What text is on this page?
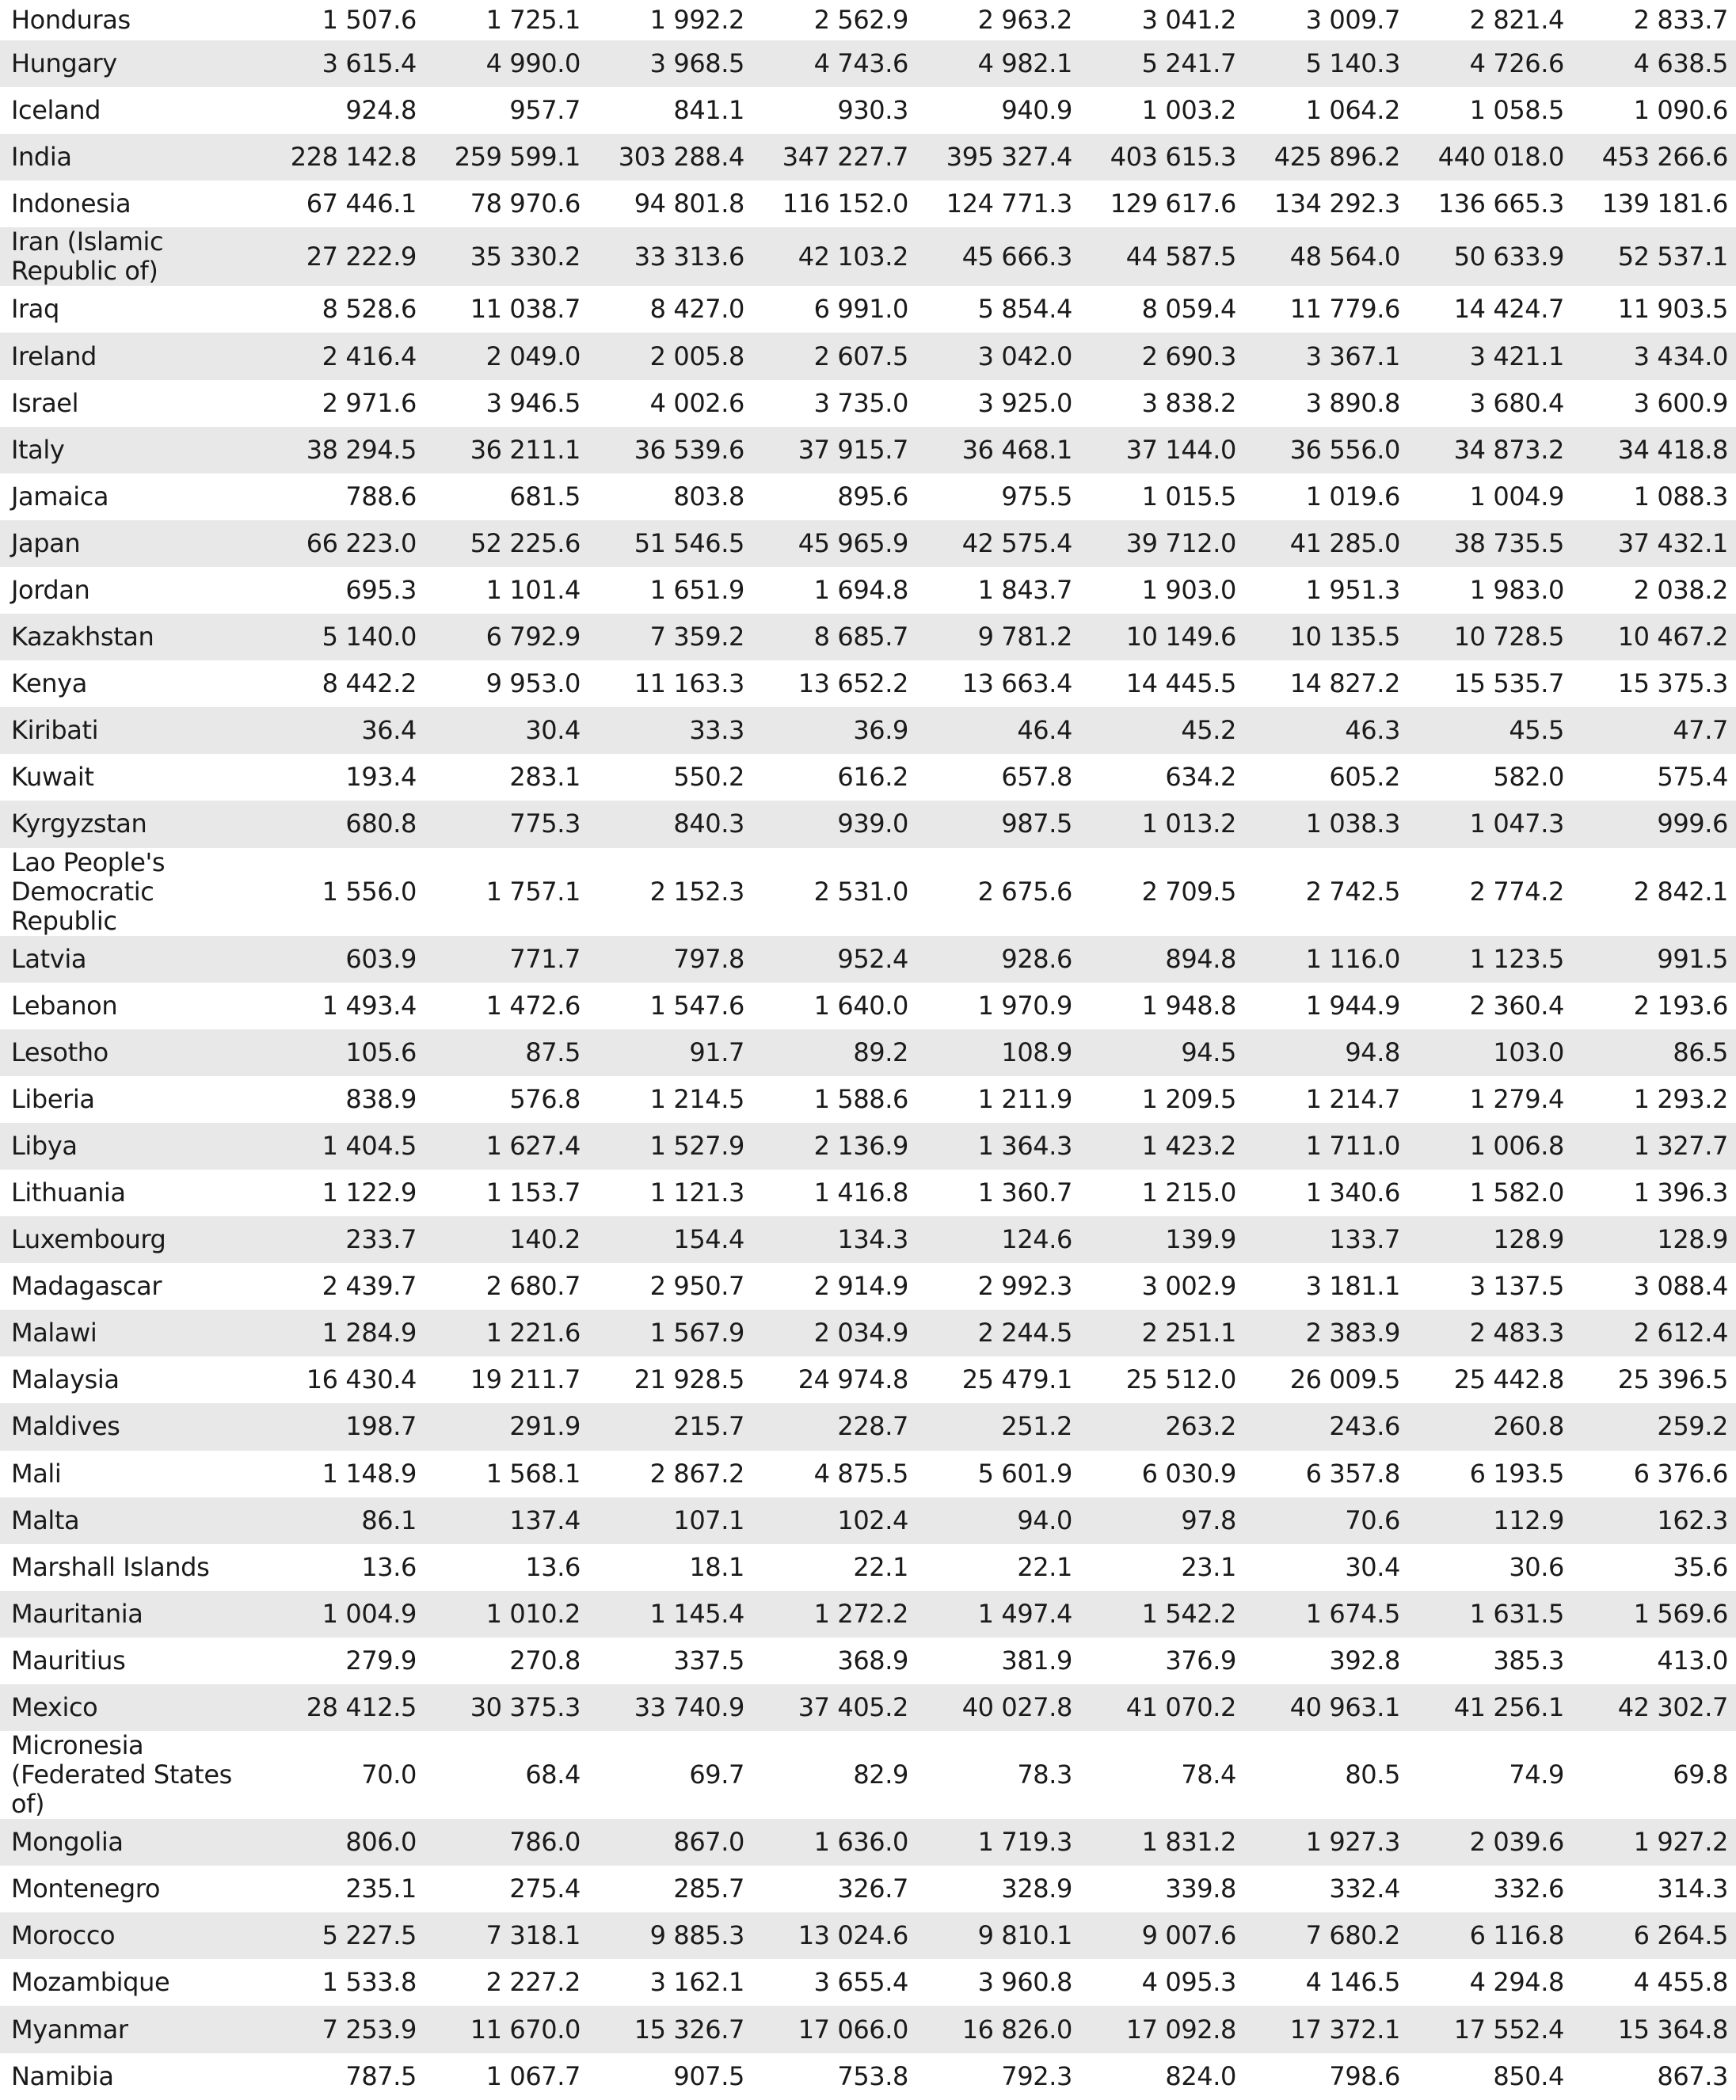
Honduras	1 507.6	1 725.1	1 992.2	2 562.9	2 963.2	3 041.2	3 009.7	2 821.4	2 833.7
Hungary	3 615.4	4 990.0	3 968.5	4 743.6	4 982.1	5 241.7	5 140.3	4 726.6	4 638.5
Iceland	924.8	957.7	841.1	930.3	940.9	1 003.2	1 064.2	1 058.5	1 090.6
India	228 142.8	259 599.1	303 288.4	347 227.7	395 327.4	403 615.3	425 896.2	440 018.0	453 266.6
Indonesia	67 446.1	78 970.6	94 801.8	116 152.0	124 771.3	129 617.6	134 292.3	136 665.3	139 181.6
Iran (Islamic Republic of)	27 222.9	35 330.2	33 313.6	42 103.2	45 666.3	44 587.5	48 564.0	50 633.9	52 537.1
Iraq	8 528.6	11 038.7	8 427.0	6 991.0	5 854.4	8 059.4	11 779.6	14 424.7	11 903.5
Ireland	2 416.4	2 049.0	2 005.8	2 607.5	3 042.0	2 690.3	3 367.1	3 421.1	3 434.0
Israel	2 971.6	3 946.5	4 002.6	3 735.0	3 925.0	3 838.2	3 890.8	3 680.4	3 600.9
Italy	38 294.5	36 211.1	36 539.6	37 915.7	36 468.1	37 144.0	36 556.0	34 873.2	34 418.8
Jamaica	788.6	681.5	803.8	895.6	975.5	1 015.5	1 019.6	1 004.9	1 088.3
Japan	66 223.0	52 225.6	51 546.5	45 965.9	42 575.4	39 712.0	41 285.0	38 735.5	37 432.1
Jordan	695.3	1 101.4	1 651.9	1 694.8	1 843.7	1 903.0	1 951.3	1 983.0	2 038.2
Kazakhstan	5 140.0	6 792.9	7 359.2	8 685.7	9 781.2	10 149.6	10 135.5	10 728.5	10 467.2
Kenya	8 442.2	9 953.0	11 163.3	13 652.2	13 663.4	14 445.5	14 827.2	15 535.7	15 375.3
Kiribati	36.4	30.4	33.3	36.9	46.4	45.2	46.3	45.5	47.7
Kuwait	193.4	283.1	550.2	616.2	657.8	634.2	605.2	582.0	575.4
Kyrgyzstan	680.8	775.3	840.3	939.0	987.5	1 013.2	1 038.3	1 047.3	999.6
Lao People's Democratic Republic	1 556.0	1 757.1	2 152.3	2 531.0	2 675.6	2 709.5	2 742.5	2 774.2	2 842.1
Latvia	603.9	771.7	797.8	952.4	928.6	894.8	1 116.0	1 123.5	991.5
Lebanon	1 493.4	1 472.6	1 547.6	1 640.0	1 970.9	1 948.8	1 944.9	2 360.4	2 193.6
Lesotho	105.6	87.5	91.7	89.2	108.9	94.5	94.8	103.0	86.5
Liberia	838.9	576.8	1 214.5	1 588.6	1 211.9	1 209.5	1 214.7	1 279.4	1 293.2
Libya	1 404.5	1 627.4	1 527.9	2 136.9	1 364.3	1 423.2	1 711.0	1 006.8	1 327.7
Lithuania	1 122.9	1 153.7	1 121.3	1 416.8	1 360.7	1 215.0	1 340.6	1 582.0	1 396.3
Luxembourg	233.7	140.2	154.4	134.3	124.6	139.9	133.7	128.9	128.9
Madagascar	2 439.7	2 680.7	2 950.7	2 914.9	2 992.3	3 002.9	3 181.1	3 137.5	3 088.4
Malawi	1 284.9	1 221.6	1 567.9	2 034.9	2 244.5	2 251.1	2 383.9	2 483.3	2 612.4
Malaysia	16 430.4	19 211.7	21 928.5	24 974.8	25 479.1	25 512.0	26 009.5	25 442.8	25 396.5
Maldives	198.7	291.9	215.7	228.7	251.2	263.2	243.6	260.8	259.2
Mali	1 148.9	1 568.1	2 867.2	4 875.5	5 601.9	6 030.9	6 357.8	6 193.5	6 376.6
Malta	86.1	137.4	107.1	102.4	94.0	97.8	70.6	112.9	162.3
Marshall Islands	13.6	13.6	18.1	22.1	22.1	23.1	30.4	30.6	35.6
Mauritania	1 004.9	1 010.2	1 145.4	1 272.2	1 497.4	1 542.2	1 674.5	1 631.5	1 569.6
Mauritius	279.9	270.8	337.5	368.9	381.9	376.9	392.8	385.3	413.0
Mexico	28 412.5	30 375.3	33 740.9	37 405.2	40 027.8	41 070.2	40 963.1	41 256.1	42 302.7
Micronesia (Federated States of)	70.0	68.4	69.7	82.9	78.3	78.4	80.5	74.9	69.8
Mongolia	806.0	786.0	867.0	1 636.0	1 719.3	1 831.2	1 927.3	2 039.6	1 927.2
Montenegro	235.1	275.4	285.7	326.7	328.9	339.8	332.4	332.6	314.3
Morocco	5 227.5	7 318.1	9 885.3	13 024.6	9 810.1	9 007.6	7 680.2	6 116.8	6 264.5
Mozambique	1 533.8	2 227.2	3 162.1	3 655.4	3 960.8	4 095.3	4 146.5	4 294.8	4 455.8
Myanmar	7 253.9	11 670.0	15 326.7	17 066.0	16 826.0	17 092.8	17 372.1	17 552.4	15 364.8
Namibia	787.5	1 067.7	907.5	753.8	792.3	824.0	798.6	850.4	867.3
